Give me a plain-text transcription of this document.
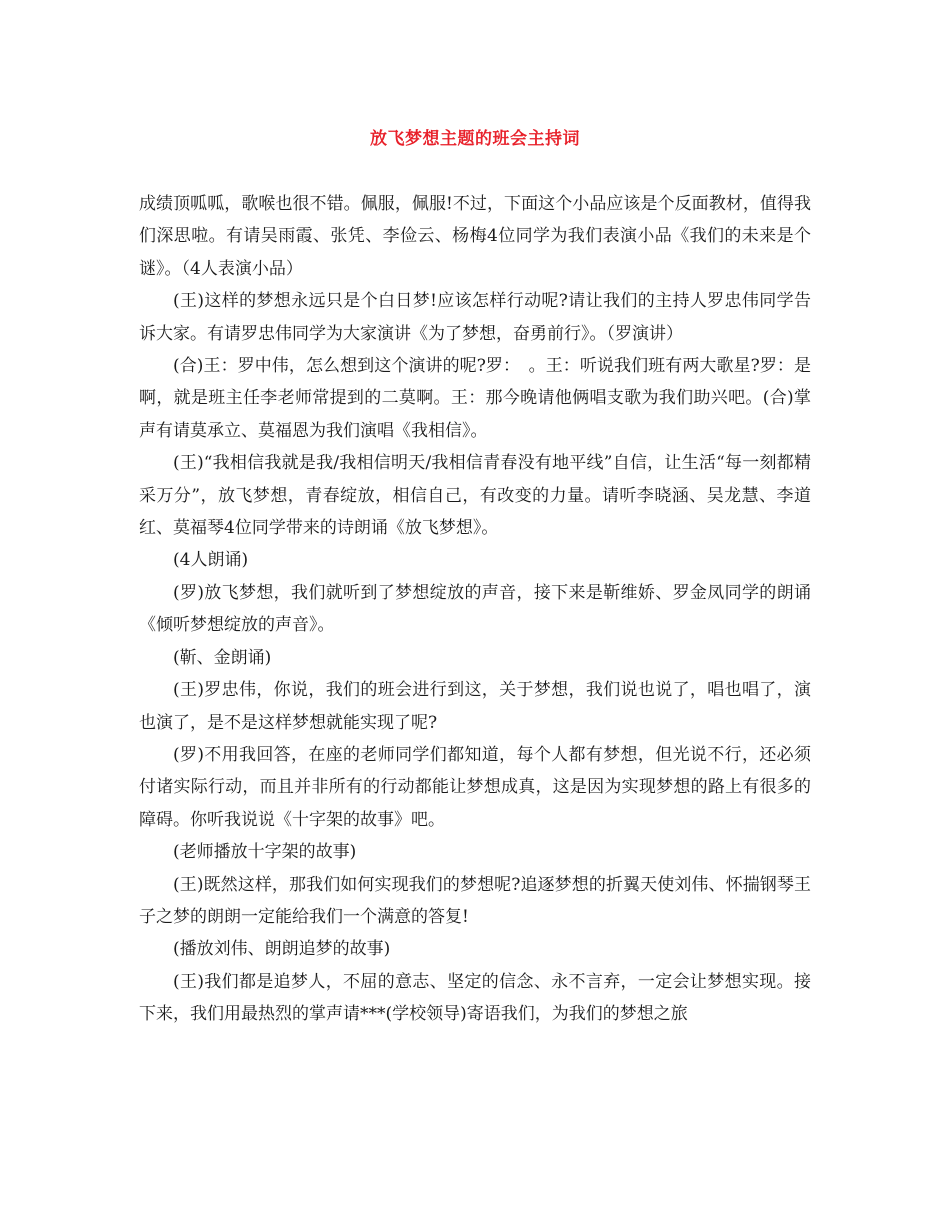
放飞梦想主题的班会主持词

成绩顶呱呱，歌喉也很不错。佩服，佩服!不过，下面这个小品应该是个反面教材，值得我们深思啦。有请吴雨霞、张凭、李俭云、杨梅4位同学为我们表演小品《我们的未来是个谜》。（4人表演小品）

(王)这样的梦想永远只是个白日梦!应该怎样行动呢?请让我们的主持人罗忠伟同学告诉大家。有请罗忠伟同学为大家演讲《为了梦想，奋勇前行》。（罗演讲）

(合)王：罗中伟，怎么想到这个演讲的呢?罗：　。王：听说我们班有两大歌星?罗：是啊，就是班主任李老师常提到的二莫啊。王：那今晚请他俩唱支歌为我们助兴吧。(合)掌声有请莫承立、莫福恩为我们演唱《我相信》。

(王)“我相信我就是我/我相信明天/我相信青春没有地平线”自信，让生活“每一刻都精采万分”，放飞梦想，青春绽放，相信自己，有改变的力量。请听李晓涵、吴龙慧、李道红、莫福琴4位同学带来的诗朗诵《放飞梦想》。

(4人朗诵)

(罗)放飞梦想，我们就听到了梦想绽放的声音，接下来是靳维娇、罗金凤同学的朗诵《倾听梦想绽放的声音》。

(靳、金朗诵)

(王)罗忠伟，你说，我们的班会进行到这，关于梦想，我们说也说了，唱也唱了，演也演了，是不是这样梦想就能实现了呢?

(罗)不用我回答，在座的老师同学们都知道，每个人都有梦想，但光说不行，还必须付诸实际行动，而且并非所有的行动都能让梦想成真，这是因为实现梦想的路上有很多的障碍。你听我说说《十字架的故事》吧。

(老师播放十字架的故事)

(王)既然这样，那我们如何实现我们的梦想呢?追逐梦想的折翼天使刘伟、怀揣钢琴王子之梦的朗朗一定能给我们一个满意的答复!

(播放刘伟、朗朗追梦的故事)

(王)我们都是追梦人，不屈的意志、坚定的信念、永不言弃，一定会让梦想实现。接下来，我们用最热烈的掌声请***(学校领导)寄语我们，为我们的梦想之旅
